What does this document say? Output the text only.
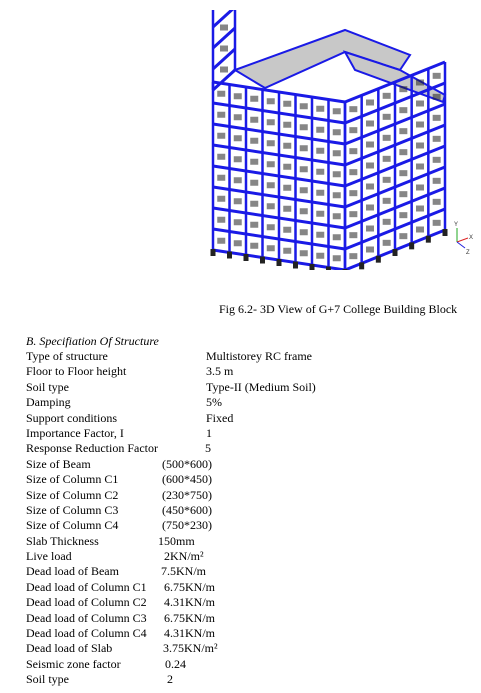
Y
X
Z
Fig 6.2- 3D View of G+7 College Building Block
B. Specifiation Of Structure
Type of structure	Multistorey RC frame
Floor to Floor height	3.5 m
Soil type	Type-II (Medium Soil)
Damping	5%
Support conditions	Fixed
Importance Factor, I	1
Response Reduction Factor	5
Size of Beam	(500*600)
Size of Column C1	(600*450)
Size of Column C2	(230*750)
Size of Column C3	(450*600)
Size of Column C4	(750*230)
Slab Thickness	150mm
Live load	2KN/m²
Dead load of Beam	7.5KN/m
Dead load of Column C1 6.75KN/m
Dead load of Column C2 4.31KN/m
Dead load of Column C3 6.75KN/m
Dead load of Column C4 4.31KN/m
Dead load of Slab	3.75KN/m²
Seismic zone factor	0.24
Soil type	2
